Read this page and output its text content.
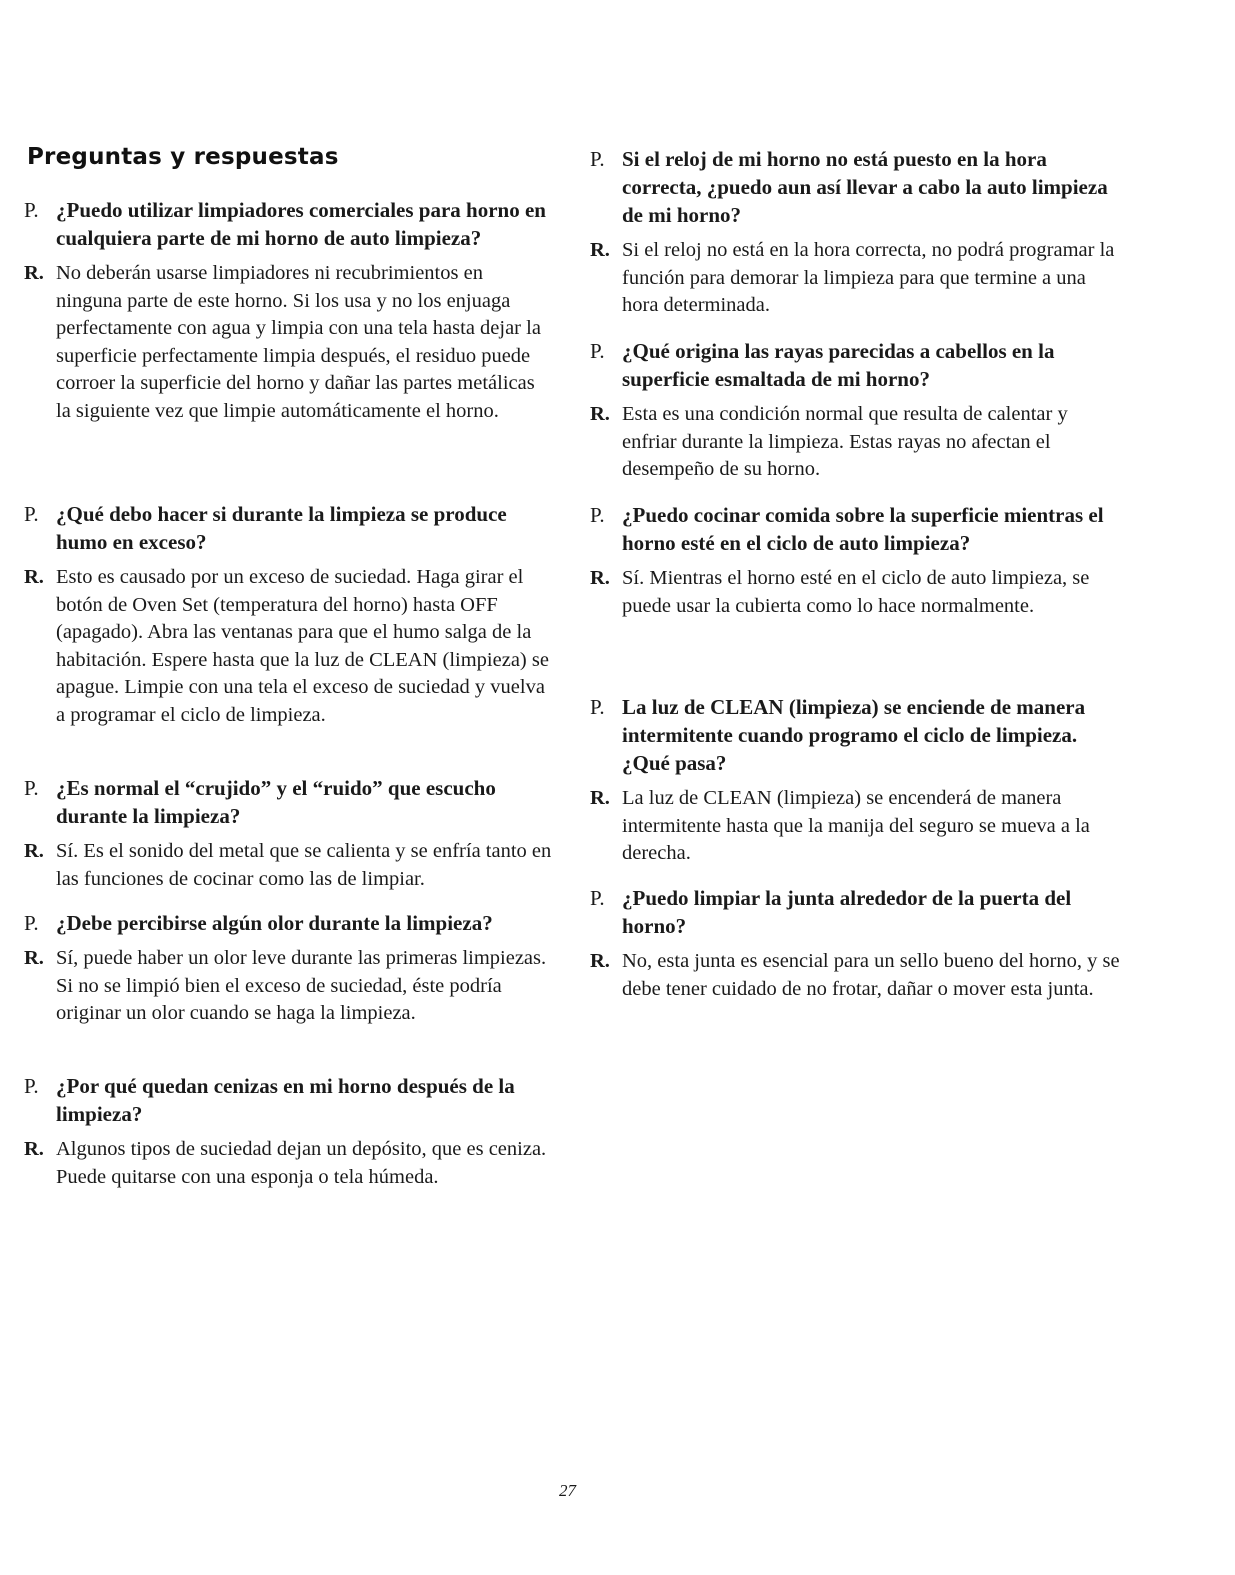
Preguntas y respuestas

P. ¿Puedo utilizar limpiadores comerciales para horno en cualquiera parte de mi horno de auto limpieza?

R. No deberán usarse limpiadores ni recubrimientos en ninguna parte de este horno. Si los usa y no los enjuaga perfectamente con agua y limpia con una tela hasta dejar la superficie perfectamente limpia después, el residuo puede corroer la superficie del horno y dañar las partes metálicas la siguiente vez que limpie automáticamente el horno.

P. ¿Qué debo hacer si durante la limpieza se produce humo en exceso?

R. Esto es causado por un exceso de suciedad. Haga girar el botón de Oven Set (temperatura del horno) hasta OFF (apagado). Abra las ventanas para que el humo salga de la habitación. Espere hasta que la luz de CLEAN (limpieza) se apague. Limpie con una tela el exceso de suciedad y vuelva a programar el ciclo de limpieza.

P. ¿Es normal el “crujido” y el “ruido” que escucho durante la limpieza?

R. Sí. Es el sonido del metal que se calienta y se enfría tanto en las funciones de cocinar como las de limpiar.

P. ¿Debe percibirse algún olor durante la limpieza?

R. Sí, puede haber un olor leve durante las primeras limpiezas. Si no se limpió bien el exceso de suciedad, éste podría originar un olor cuando se haga la limpieza.

P. ¿Por qué quedan cenizas en mi horno después de la limpieza?

R. Algunos tipos de suciedad dejan un depósito, que es ceniza. Puede quitarse con una esponja o tela húmeda.

P. Si el reloj de mi horno no está puesto en la hora correcta, ¿puedo aun así llevar a cabo la auto limpieza de mi horno?

R. Si el reloj no está en la hora correcta, no podrá programar la función para demorar la limpieza para que termine a una hora determinada.

P. ¿Qué origina las rayas parecidas a cabellos en la superficie esmaltada de mi horno?

R. Esta es una condición normal que resulta de calentar y enfriar durante la limpieza. Estas rayas no afectan el desempeño de su horno.

P. ¿Puedo cocinar comida sobre la superficie mientras el horno esté en el ciclo de auto limpieza?

R. Sí. Mientras el horno esté en el ciclo de auto limpieza, se puede usar la cubierta como lo hace normalmente.

P. La luz de CLEAN (limpieza) se enciende de manera intermitente cuando programo el ciclo de limpieza. ¿Qué pasa?

R. La luz de CLEAN (limpieza) se encenderá de manera intermitente hasta que la manija del seguro se mueva a la derecha.

P. ¿Puedo limpiar la junta alrededor de la puerta del horno?

R. No, esta junta es esencial para un sello bueno del horno, y se debe tener cuidado de no frotar, dañar o mover esta junta.

27
